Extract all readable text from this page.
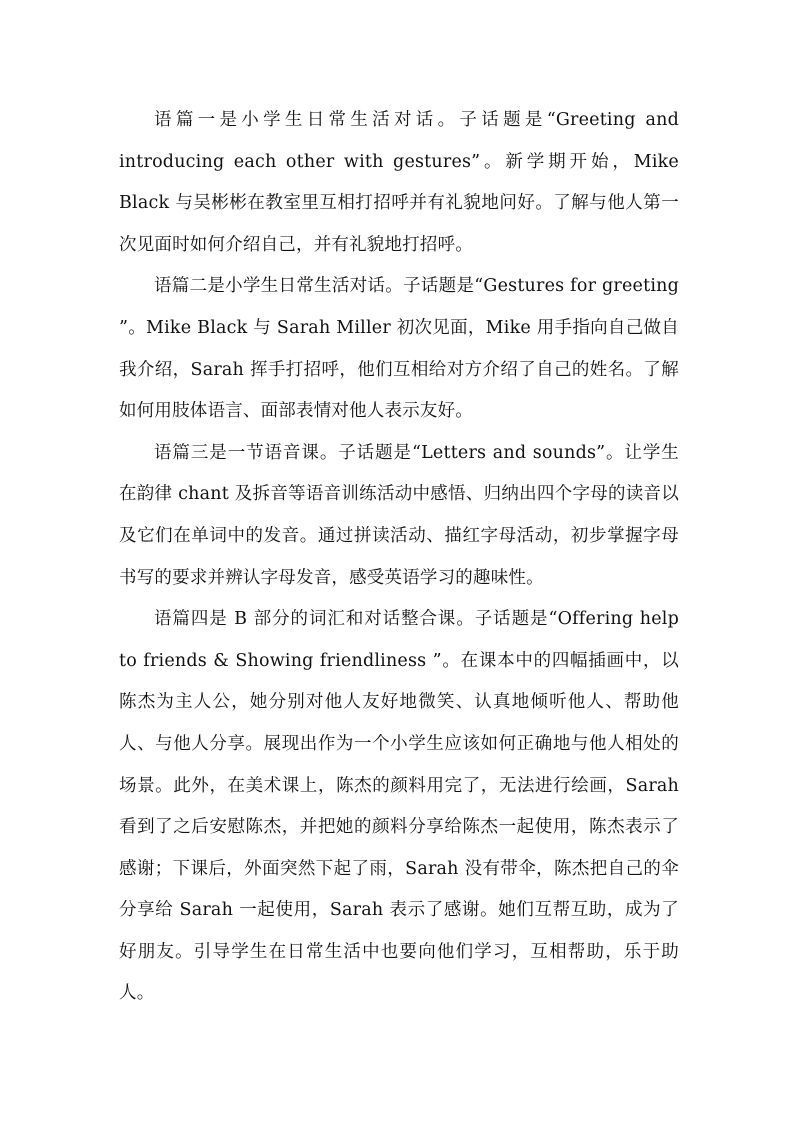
语篇一是小学生日常生活对话。子话题是“Greeting and introducing each other with gestures”。新学期开始，Mike Black 与吴彬彬在教室里互相打招呼并有礼貌地问好。了解与他人第一次见面时如何介绍自己，并有礼貌地打招呼。

语篇二是小学生日常生活对话。子话题是“Gestures for greeting ”。Mike Black 与 Sarah Miller 初次见面，Mike 用手指向自己做自我介绍，Sarah 挥手打招呼，他们互相给对方介绍了自己的姓名。了解如何用肢体语言、面部表情对他人表示友好。

语篇三是一节语音课。子话题是“Letters and sounds”。让学生在韵律 chant 及拆音等语音训练活动中感悟、归纳出四个字母的读音以及它们在单词中的发音。通过拼读活动、描红字母活动，初步掌握字母书写的要求并辨认字母发音，感受英语学习的趣味性。

语篇四是 B 部分的词汇和对话整合课。子话题是“Offering help to friends & Showing friendliness ”。在课本中的四幅插画中，以陈杰为主人公，她分别对他人友好地微笑、认真地倾听他人、帮助他人、与他人分享。展现出作为一个小学生应该如何正确地与他人相处的场景。此外，在美术课上，陈杰的颜料用完了，无法进行绘画，Sarah 看到了之后安慰陈杰，并把她的颜料分享给陈杰一起使用，陈杰表示了感谢；下课后，外面突然下起了雨，Sarah 没有带伞，陈杰把自己的伞分享给 Sarah 一起使用，Sarah 表示了感谢。她们互帮互助，成为了好朋友。引导学生在日常生活中也要向他们学习，互相帮助，乐于助人。
